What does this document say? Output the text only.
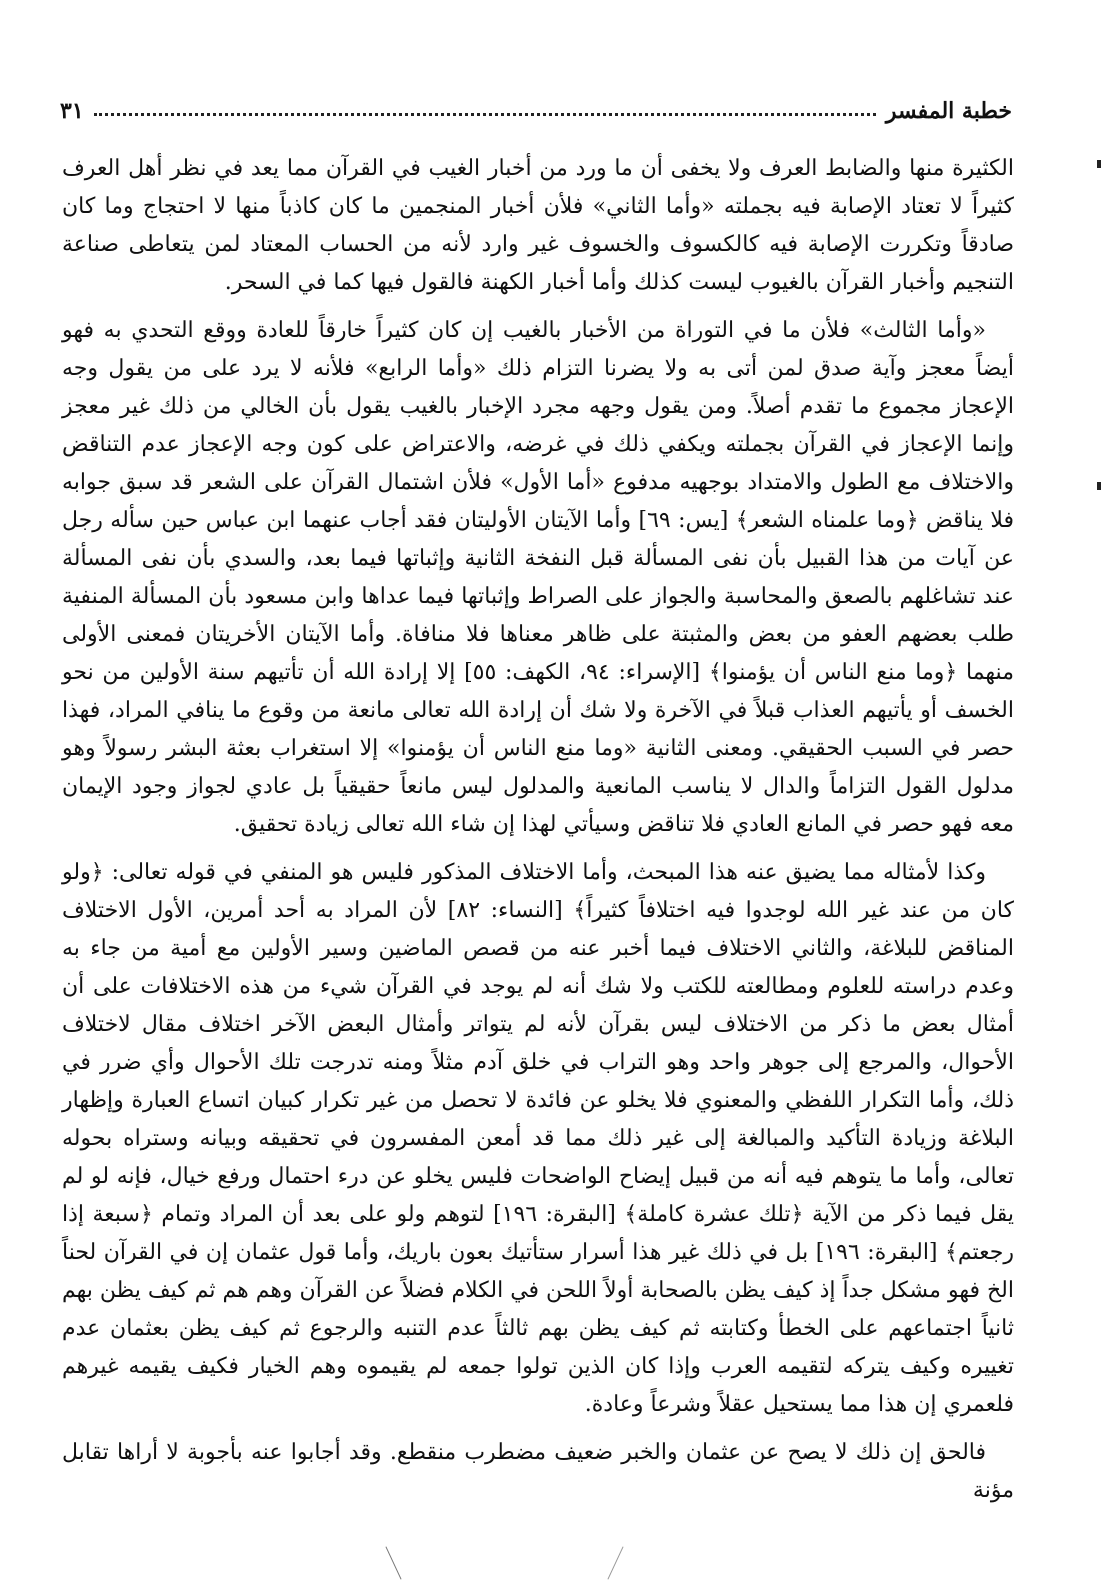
خطبة المفسر
٣١

الكثيرة منها والضابط العرف ولا يخفى أن ما ورد من أخبار الغيب في القرآن مما يعد في نظر أهل العرف كثيراً لا تعتاد الإصابة فيه بجملته «وأما الثاني» فلأن أخبار المنجمين ما كان كاذباً منها لا احتجاج وما كان صادقاً وتكررت الإصابة فيه كالكسوف والخسوف غير وارد لأنه من الحساب المعتاد لمن يتعاطى صناعة التنجيم وأخبار القرآن بالغيوب ليست كذلك وأما أخبار الكهنة فالقول فيها كما في السحر.

«وأما الثالث» فلأن ما في التوراة من الأخبار بالغيب إن كان كثيراً خارقاً للعادة ووقع التحدي به فهو أيضاً معجز وآية صدق لمن أتى به ولا يضرنا التزام ذلك «وأما الرابع» فلأنه لا يرد على من يقول وجه الإعجاز مجموع ما تقدم أصلاً. ومن يقول وجهه مجرد الإخبار بالغيب يقول بأن الخالي من ذلك غير معجز وإنما الإعجاز في القرآن بجملته ويكفي ذلك في غرضه، والاعتراض على كون وجه الإعجاز عدم التناقض والاختلاف مع الطول والامتداد بوجهيه مدفوع «أما الأول» فلأن اشتمال القرآن على الشعر قد سبق جوابه فلا يناقض ﴿وما علمناه الشعر﴾ [يس: ٦٩] وأما الآيتان الأوليتان فقد أجاب عنهما ابن عباس حين سأله رجل عن آيات من هذا القبيل بأن نفى المسألة قبل النفخة الثانية وإثباتها فيما بعد، والسدي بأن نفى المسألة عند تشاغلهم بالصعق والمحاسبة والجواز على الصراط وإثباتها فيما عداها وابن مسعود بأن المسألة المنفية طلب بعضهم العفو من بعض والمثبتة على ظاهر معناها فلا منافاة. وأما الآيتان الأخريتان فمعنى الأولى منهما ﴿وما منع الناس أن يؤمنوا﴾ [الإسراء: ٩٤، الكهف: ٥٥] إلا إرادة الله أن تأتيهم سنة الأولين من نحو الخسف أو يأتيهم العذاب قبلاً في الآخرة ولا شك أن إرادة الله تعالى مانعة من وقوع ما ينافي المراد، فهذا حصر في السبب الحقيقي. ومعنى الثانية «وما منع الناس أن يؤمنوا» إلا استغراب بعثة البشر رسولاً وهو مدلول القول التزاماً والدال لا يناسب المانعية والمدلول ليس مانعاً حقيقياً بل عادي لجواز وجود الإيمان معه فهو حصر في المانع العادي فلا تناقض وسيأتي لهذا إن شاء الله تعالى زيادة تحقيق.

وكذا لأمثاله مما يضيق عنه هذا المبحث، وأما الاختلاف المذكور فليس هو المنفي في قوله تعالى: ﴿ولو كان من عند غير الله لوجدوا فيه اختلافاً كثيراً﴾ [النساء: ٨٢] لأن المراد به أحد أمرين، الأول الاختلاف المناقض للبلاغة، والثاني الاختلاف فيما أخبر عنه من قصص الماضين وسير الأولين مع أمية من جاء به وعدم دراسته للعلوم ومطالعته للكتب ولا شك أنه لم يوجد في القرآن شيء من هذه الاختلافات على أن أمثال بعض ما ذكر من الاختلاف ليس بقرآن لأنه لم يتواتر وأمثال البعض الآخر اختلاف مقال لاختلاف الأحوال، والمرجع إلى جوهر واحد وهو التراب في خلق آدم مثلاً ومنه تدرجت تلك الأحوال وأي ضرر في ذلك، وأما التكرار اللفظي والمعنوي فلا يخلو عن فائدة لا تحصل من غير تكرار كبيان اتساع العبارة وإظهار البلاغة وزيادة التأكيد والمبالغة إلى غير ذلك مما قد أمعن المفسرون في تحقيقه وبيانه وستراه بحوله تعالى، وأما ما يتوهم فيه أنه من قبيل إيضاح الواضحات فليس يخلو عن درء احتمال ورفع خيال، فإنه لو لم يقل فيما ذكر من الآية ﴿تلك عشرة كاملة﴾ [البقرة: ١٩٦] لتوهم ولو على بعد أن المراد وتمام ﴿سبعة إذا رجعتم﴾ [البقرة: ١٩٦] بل في ذلك غير هذا أسرار ستأتيك بعون باريك، وأما قول عثمان إن في القرآن لحناً الخ فهو مشكل جداً إذ كيف يظن بالصحابة أولاً اللحن في الكلام فضلاً عن القرآن وهم هم ثم كيف يظن بهم ثانياً اجتماعهم على الخطأ وكتابته ثم كيف يظن بهم ثالثاً عدم التنبه والرجوع ثم كيف يظن بعثمان عدم تغييره وكيف يتركه لتقيمه العرب وإذا كان الذين تولوا جمعه لم يقيموه وهم الخيار فكيف يقيمه غيرهم فلعمري إن هذا مما يستحيل عقلاً وشرعاً وعادة.

فالحق إن ذلك لا يصح عن عثمان والخبر ضعيف مضطرب منقطع. وقد أجابوا عنه بأجوبة لا أراها تقابل مؤنة
